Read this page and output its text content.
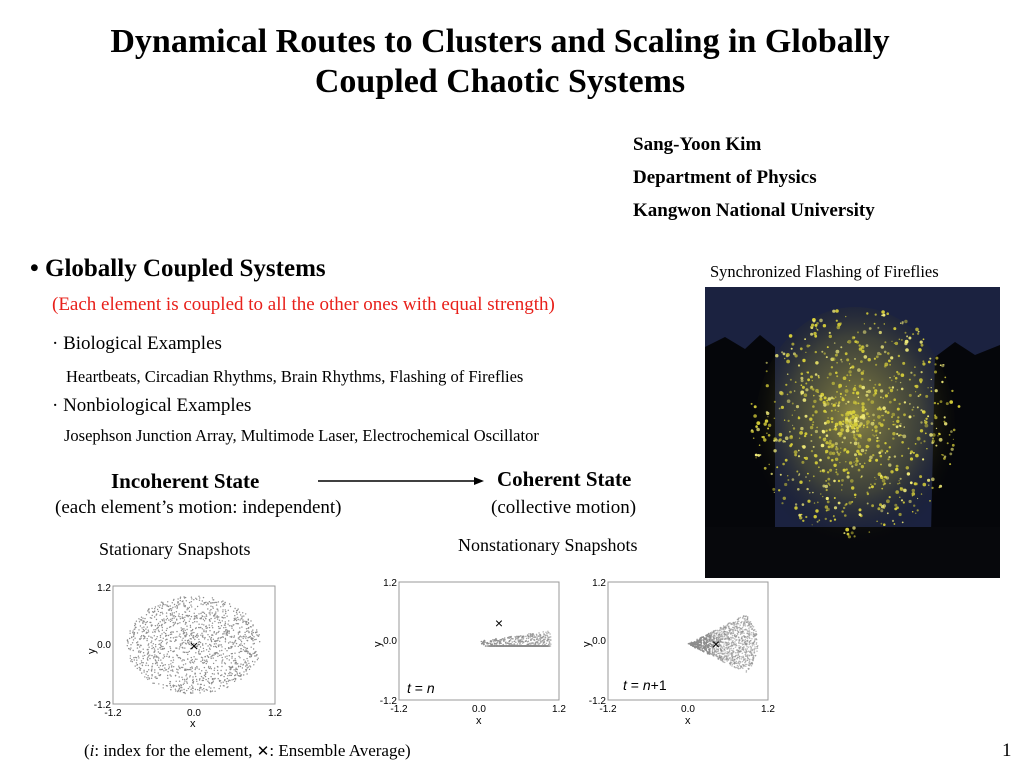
Dynamical Routes to Clusters and Scaling in Globally
Coupled Chaotic Systems
Sang-Yoon Kim
Department of Physics
Kangwon National University
• Globally Coupled Systems
(Each element is coupled to all the other ones with equal strength)
· Biological Examples
Heartbeats, Circadian Rhythms, Brain Rhythms, Flashing of Fireflies
· Nonbiological Examples
Josephson Junction Array, Multimode Laser, Electrochemical Oscillator
Incoherent State
(each element’s motion: independent)
Coherent State
(collective motion)
Stationary Snapshots	Nonstationary Snapshots
Synchronized Flashing of Fireflies
×
1.2
0.0
-1.2
-1.2	0.0	1.2
x
y
×
1.2
0.0
-1.2
-1.2	0.0	1.2
x
y
t = n
×
1.2
0.0
-1.2
-1.2	0.0	1.2
x
y
t = n+1
(i: index for the element, ✕: Ensemble Average)	1
